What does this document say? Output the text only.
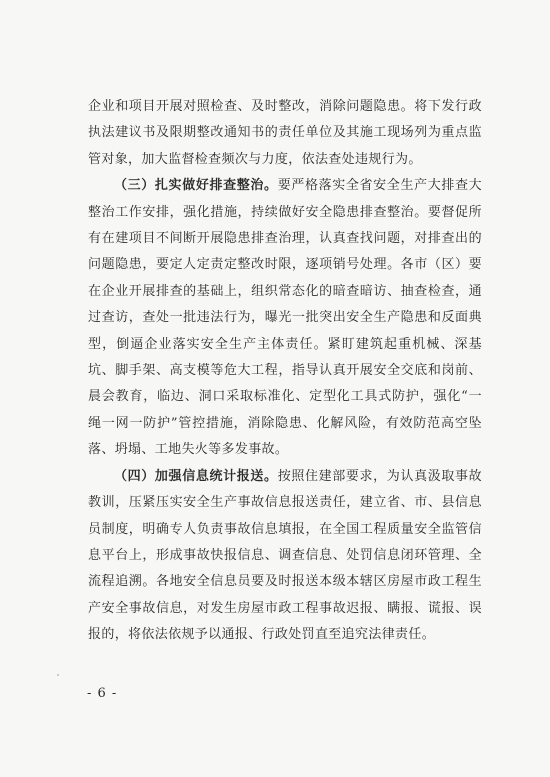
企业和项目开展对照检查、及时整改，消除问题隐患。将下发行政执法建议书及限期整改通知书的责任单位及其施工现场列为重点监管对象，加大监督检查频次与力度，依法查处违规行为。

（三）扎实做好排查整治。要严格落实全省安全生产大排查大整治工作安排，强化措施，持续做好安全隐患排查整治。要督促所有在建项目不间断开展隐患排查治理，认真查找问题，对排查出的问题隐患，要定人定责定整改时限，逐项销号处理。各市（区）要在企业开展排查的基础上，组织常态化的暗查暗访、抽查检查，通过查访，查处一批违法行为，曝光一批突出安全生产隐患和反面典型，倒逼企业落实安全生产主体责任。紧盯建筑起重机械、深基坑、脚手架、高支模等危大工程，指导认真开展安全交底和岗前、晨会教育，临边、洞口采取标准化、定型化工具式防护，强化“一绳一网一防护”管控措施，消除隐患、化解风险，有效防范高空坠落、坍塌、工地失火等多发事故。

（四）加强信息统计报送。按照住建部要求，为认真汲取事故教训，压紧压实安全生产事故信息报送责任，建立省、市、县信息员制度，明确专人负责事故信息填报，在全国工程质量安全监管信息平台上，形成事故快报信息、调查信息、处罚信息闭环管理、全流程追溯。各地安全信息员要及时报送本级本辖区房屋市政工程生产安全事故信息，对发生房屋市政工程事故迟报、瞒报、谎报、误报的，将依法依规予以通报、行政处罚直至追究法律责任。

- 6 -
